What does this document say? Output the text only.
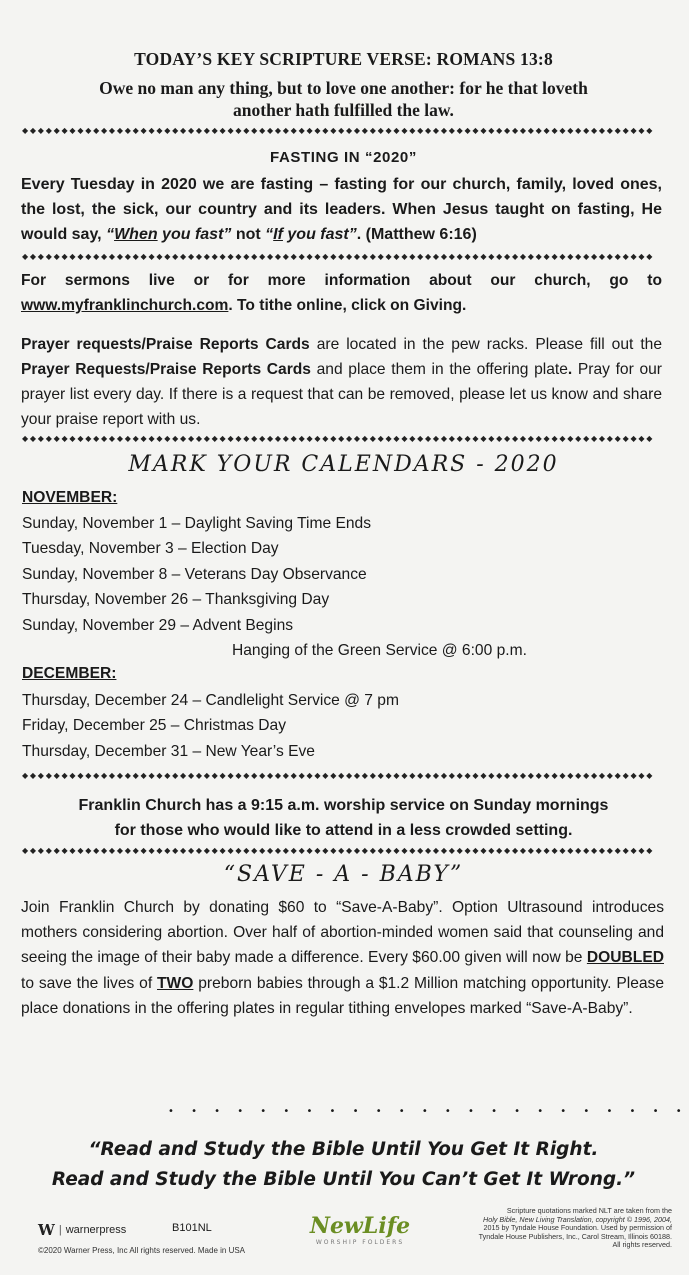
TODAY’S KEY SCRIPTURE VERSE: ROMANS 13:8
Owe no man any thing, but to love one another: for he that loveth
another hath fulfilled the law.
◆◆◆◆◆◆◆◆◆◆◆◆◆◆◆◆◆◆◆◆◆◆◆◆◆◆◆◆◆◆◆◆◆◆◆◆◆◆◆◆◆◆◆◆◆◆◆◆◆◆◆◆◆◆◆◆◆◆◆◆◆◆◆◆◆◆◆◆◆◆◆◆◆◆◆◆◆◆◆◆
FASTING IN “2020”
Every Tuesday in 2020 we are fasting – fasting for our church, family, loved ones, the lost, the sick, our country and its leaders. When Jesus taught on fasting, He would say, “When you fast” not “If you fast”. (Matthew 6:16)
◆◆◆◆◆◆◆◆◆◆◆◆◆◆◆◆◆◆◆◆◆◆◆◆◆◆◆◆◆◆◆◆◆◆◆◆◆◆◆◆◆◆◆◆◆◆◆◆◆◆◆◆◆◆◆◆◆◆◆◆◆◆◆◆◆◆◆◆◆◆◆◆◆◆◆◆◆◆◆◆
For sermons live or for more information about our church, go to www.myfranklinchurch.com. To tithe online, click on Giving.
Prayer requests/Praise Reports Cards are located in the pew racks. Please fill out the Prayer Requests/Praise Reports Cards and place them in the offering plate. Pray for our prayer list every day. If there is a request that can be removed, please let us know and share your praise report with us.
◆◆◆◆◆◆◆◆◆◆◆◆◆◆◆◆◆◆◆◆◆◆◆◆◆◆◆◆◆◆◆◆◆◆◆◆◆◆◆◆◆◆◆◆◆◆◆◆◆◆◆◆◆◆◆◆◆◆◆◆◆◆◆◆◆◆◆◆◆◆◆◆◆◆◆◆◆◆◆◆
MARK YOUR CALENDARS - 2020
NOVEMBER:
Sunday, November 1 – Daylight Saving Time Ends
Tuesday, November 3 – Election Day
Sunday, November 8 – Veterans Day Observance
Thursday, November 26 – Thanksgiving Day
Sunday, November 29 – Advent Begins
Hanging of the Green Service @ 6:00 p.m.
DECEMBER:
Thursday, December 24 – Candlelight Service @ 7 pm
Friday, December 25 – Christmas Day
Thursday, December 31 – New Year’s Eve
◆◆◆◆◆◆◆◆◆◆◆◆◆◆◆◆◆◆◆◆◆◆◆◆◆◆◆◆◆◆◆◆◆◆◆◆◆◆◆◆◆◆◆◆◆◆◆◆◆◆◆◆◆◆◆◆◆◆◆◆◆◆◆◆◆◆◆◆◆◆◆◆◆◆◆◆◆◆◆◆
Franklin Church has a 9:15 a.m. worship service on Sunday mornings
for those who would like to attend in a less crowded setting.
◆◆◆◆◆◆◆◆◆◆◆◆◆◆◆◆◆◆◆◆◆◆◆◆◆◆◆◆◆◆◆◆◆◆◆◆◆◆◆◆◆◆◆◆◆◆◆◆◆◆◆◆◆◆◆◆◆◆◆◆◆◆◆◆◆◆◆◆◆◆◆◆◆◆◆◆◆◆◆◆
“SAVE - A - BABY”
Join Franklin Church by donating $60 to “Save-A-Baby”. Option Ultrasound introduces mothers considering abortion. Over half of abortion-minded women said that counseling and seeing the image of their baby made a difference. Every $60.00 given will now be DOUBLED to save the lives of TWO preborn babies through a $1.2 Million matching opportunity. Please place donations in the offering plates in regular tithing envelopes marked “Save-A-Baby”.
• • • • • • • • • • • • • • • • • • • • • • •
“Read and Study the Bible Until You Get It Right.
Read and Study the Bible Until You Can’t Get It Wrong.”
W | warnerpress	B101NL
©2020 Warner Press, Inc All rights reserved. Made in USA
NewLife
WORSHIP FOLDERS
Scripture quotations marked NLT are taken from the
Holy Bible, New Living Translation, copyright © 1996, 2004,
2015 by Tyndale House Foundation. Used by permission of
Tyndale House Publishers, Inc., Carol Stream, Illinois 60188.
All rights reserved.
